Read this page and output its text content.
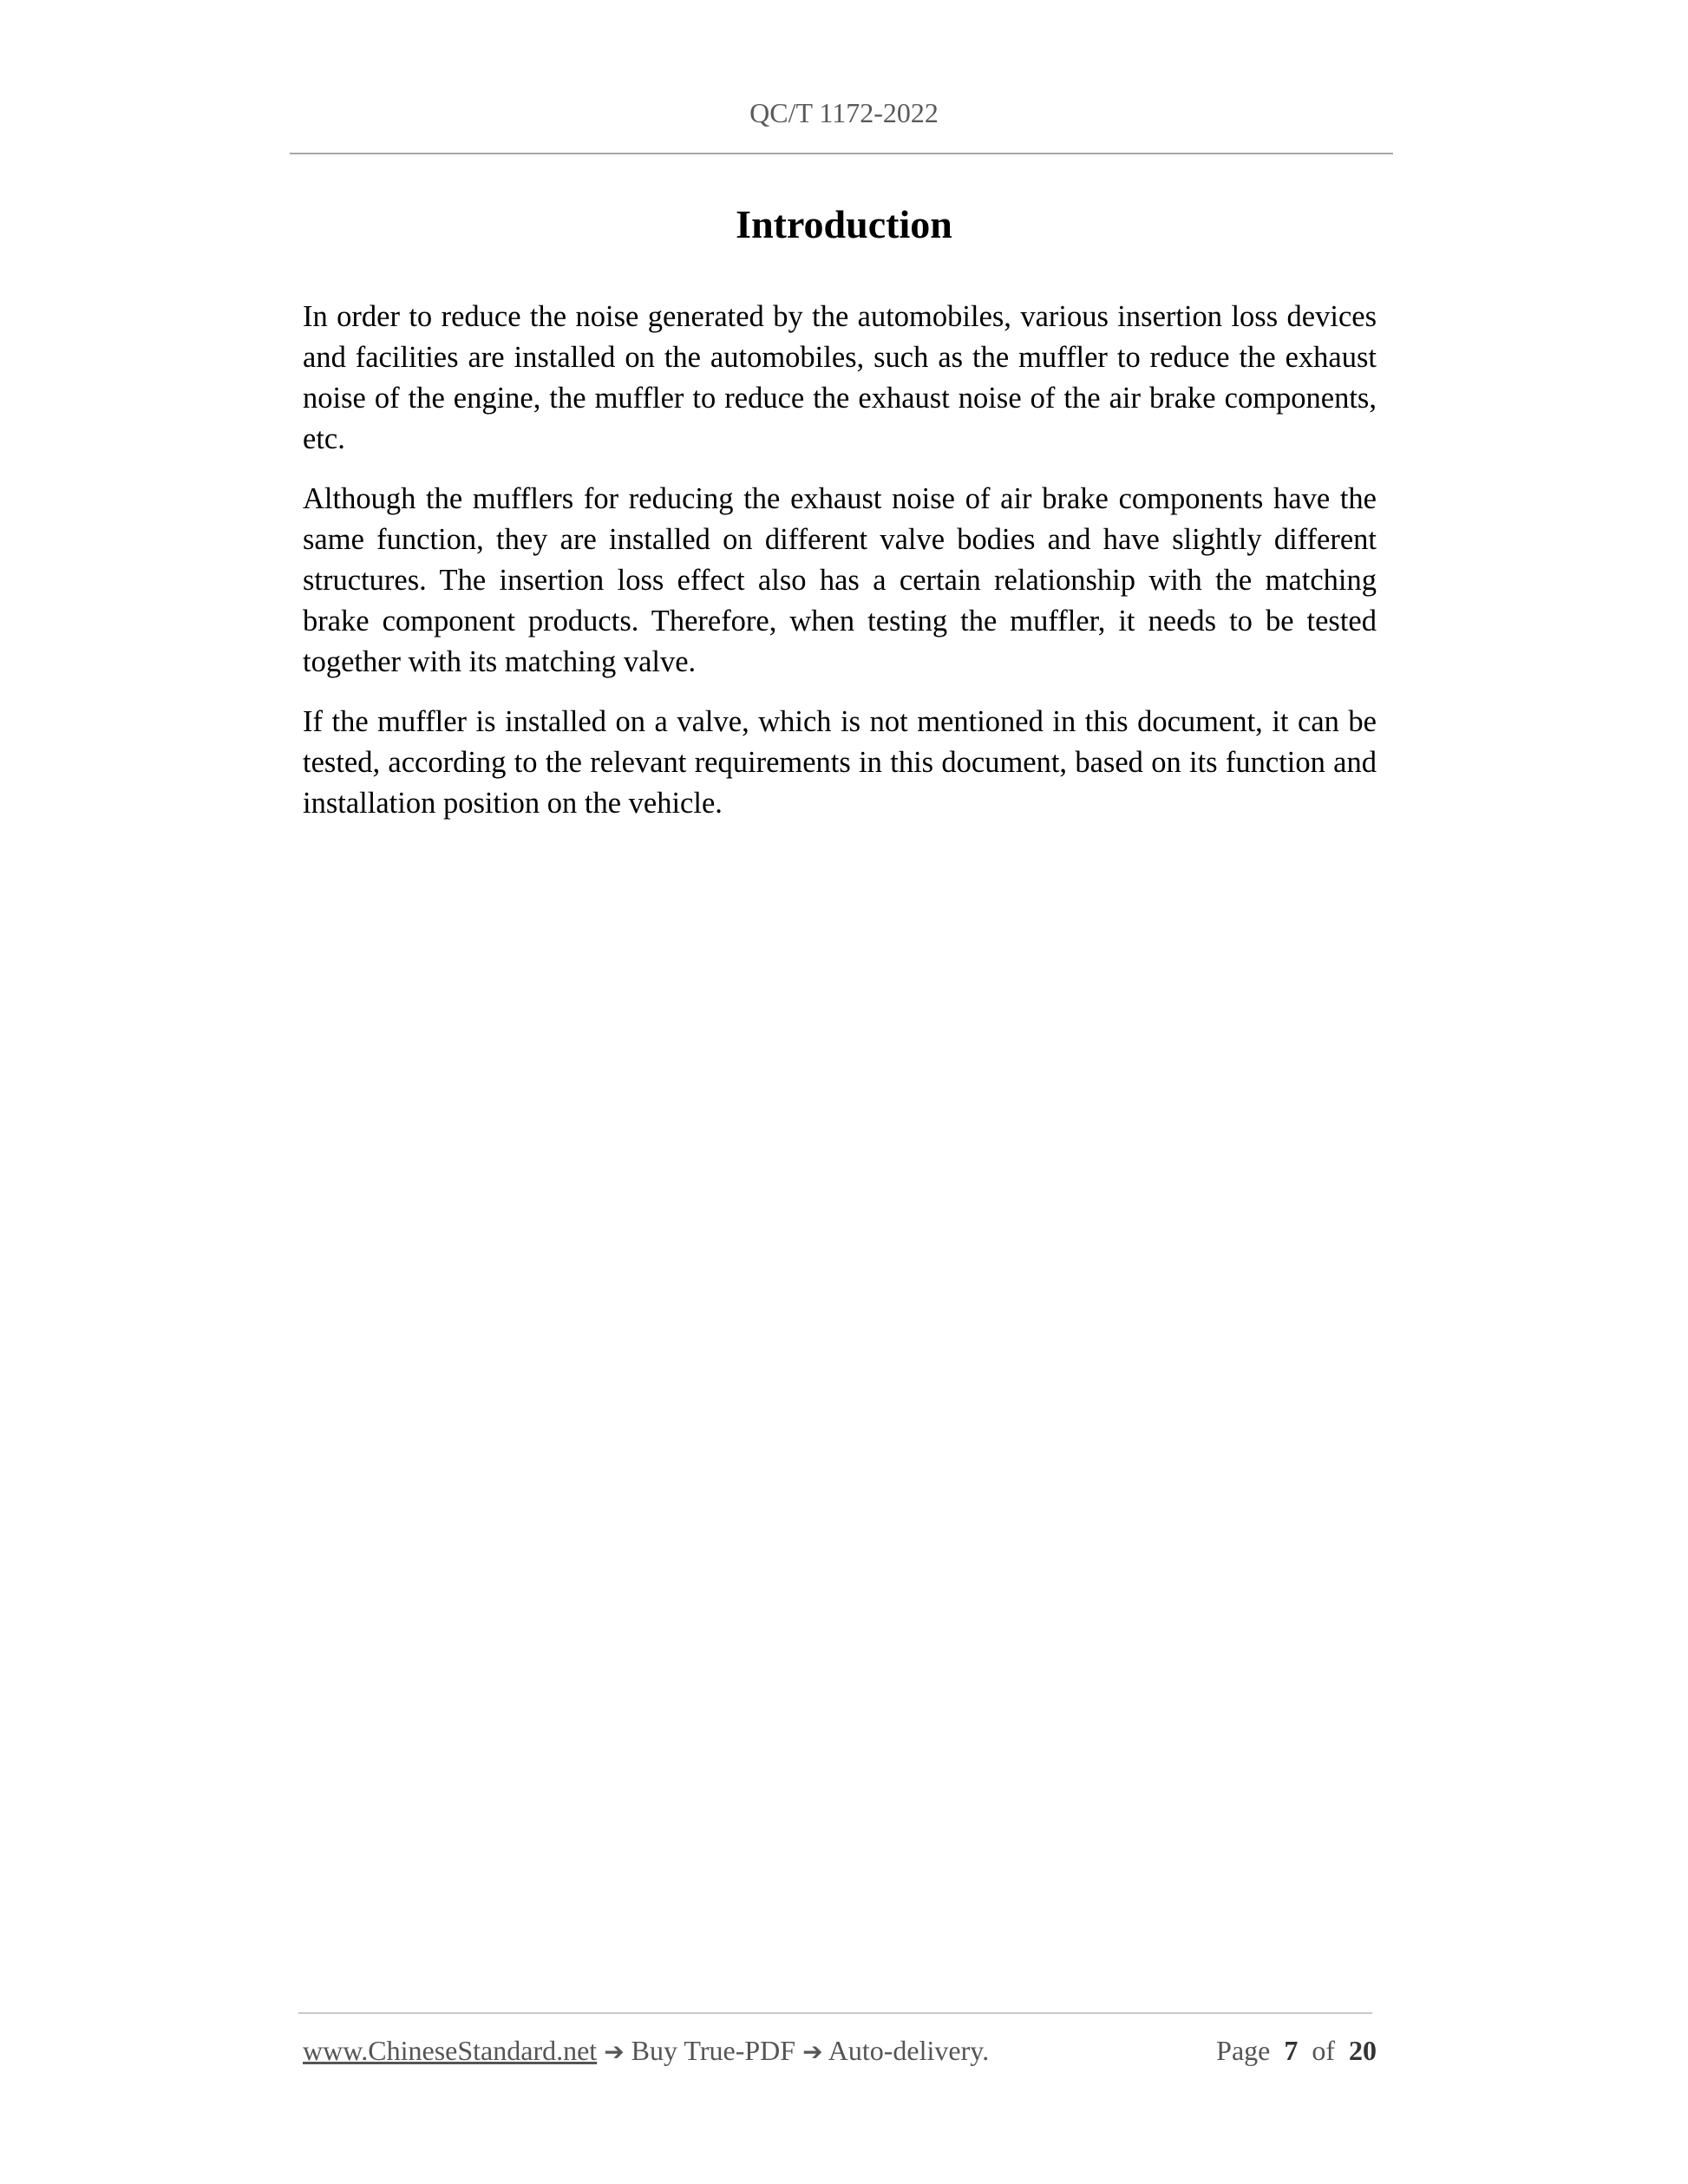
QC/T 1172-2022
Introduction

In order to reduce the noise generated by the automobiles, various insertion loss devices and facilities are installed on the automobiles, such as the muffler to reduce the exhaust noise of the engine, the muffler to reduce the exhaust noise of the air brake components, etc.

Although the mufflers for reducing the exhaust noise of air brake components have the same function, they are installed on different valve bodies and have slightly different structures. The insertion loss effect also has a certain relationship with the matching brake component products. Therefore, when testing the muffler, it needs to be tested together with its matching valve.

If the muffler is installed on a valve, which is not mentioned in this document, it can be tested, according to the relevant requirements in this document, based on its function and installation position on the vehicle.

www.ChineseStandard.net ➔ Buy True-PDF ➔ Auto-delivery.	Page 7 of 20
